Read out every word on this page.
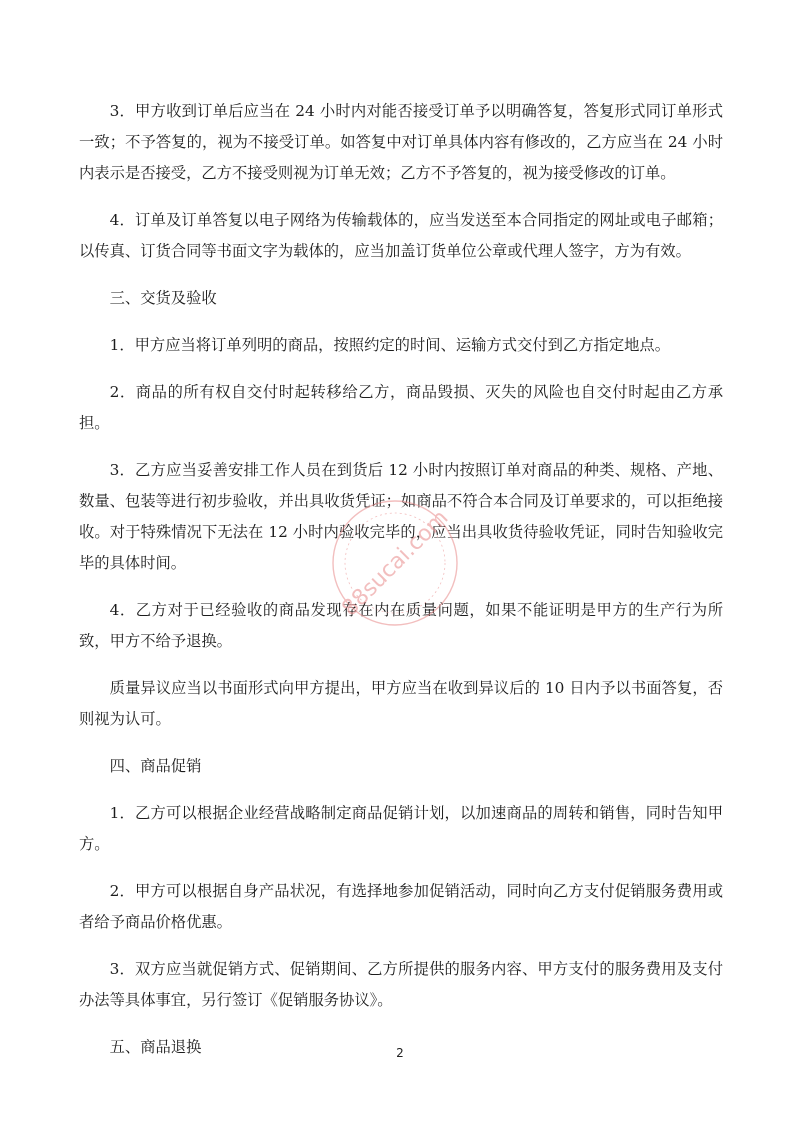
3．甲方收到订单后应当在 24 小时内对能否接受订单予以明确答复，答复形式同订单形式一致；不予答复的，视为不接受订单。如答复中对订单具体内容有修改的，乙方应当在 24 小时内表示是否接受，乙方不接受则视为订单无效；乙方不予答复的，视为接受修改的订单。

4．订单及订单答复以电子网络为传输载体的，应当发送至本合同指定的网址或电子邮箱；以传真、订货合同等书面文字为载体的，应当加盖订货单位公章或代理人签字，方为有效。

三、交货及验收

1．甲方应当将订单列明的商品，按照约定的时间、运输方式交付到乙方指定地点。

2．商品的所有权自交付时起转移给乙方，商品毁损、灭失的风险也自交付时起由乙方承担。

3．乙方应当妥善安排工作人员在到货后 12 小时内按照订单对商品的种类、规格、产地、数量、包装等进行初步验收，并出具收货凭证；如商品不符合本合同及订单要求的，可以拒绝接收。对于特殊情况下无法在 12 小时内验收完毕的，应当出具收货待验收凭证，同时告知验收完毕的具体时间。

4．乙方对于已经验收的商品发现存在内在质量问题，如果不能证明是甲方的生产行为所致，甲方不给予退换。

质量异议应当以书面形式向甲方提出，甲方应当在收到异议后的 10 日内予以书面答复，否则视为认可。

四、商品促销

1．乙方可以根据企业经营战略制定商品促销计划，以加速商品的周转和销售，同时告知甲方。

2．甲方可以根据自身产品状况，有选择地参加促销活动，同时向乙方支付促销服务费用或者给予商品价格优惠。

3．双方应当就促销方式、促销期间、乙方所提供的服务内容、甲方支付的服务费用及支付办法等具体事宜，另行签订《促销服务协议》。

五、商品退换

88sucai.com
2
